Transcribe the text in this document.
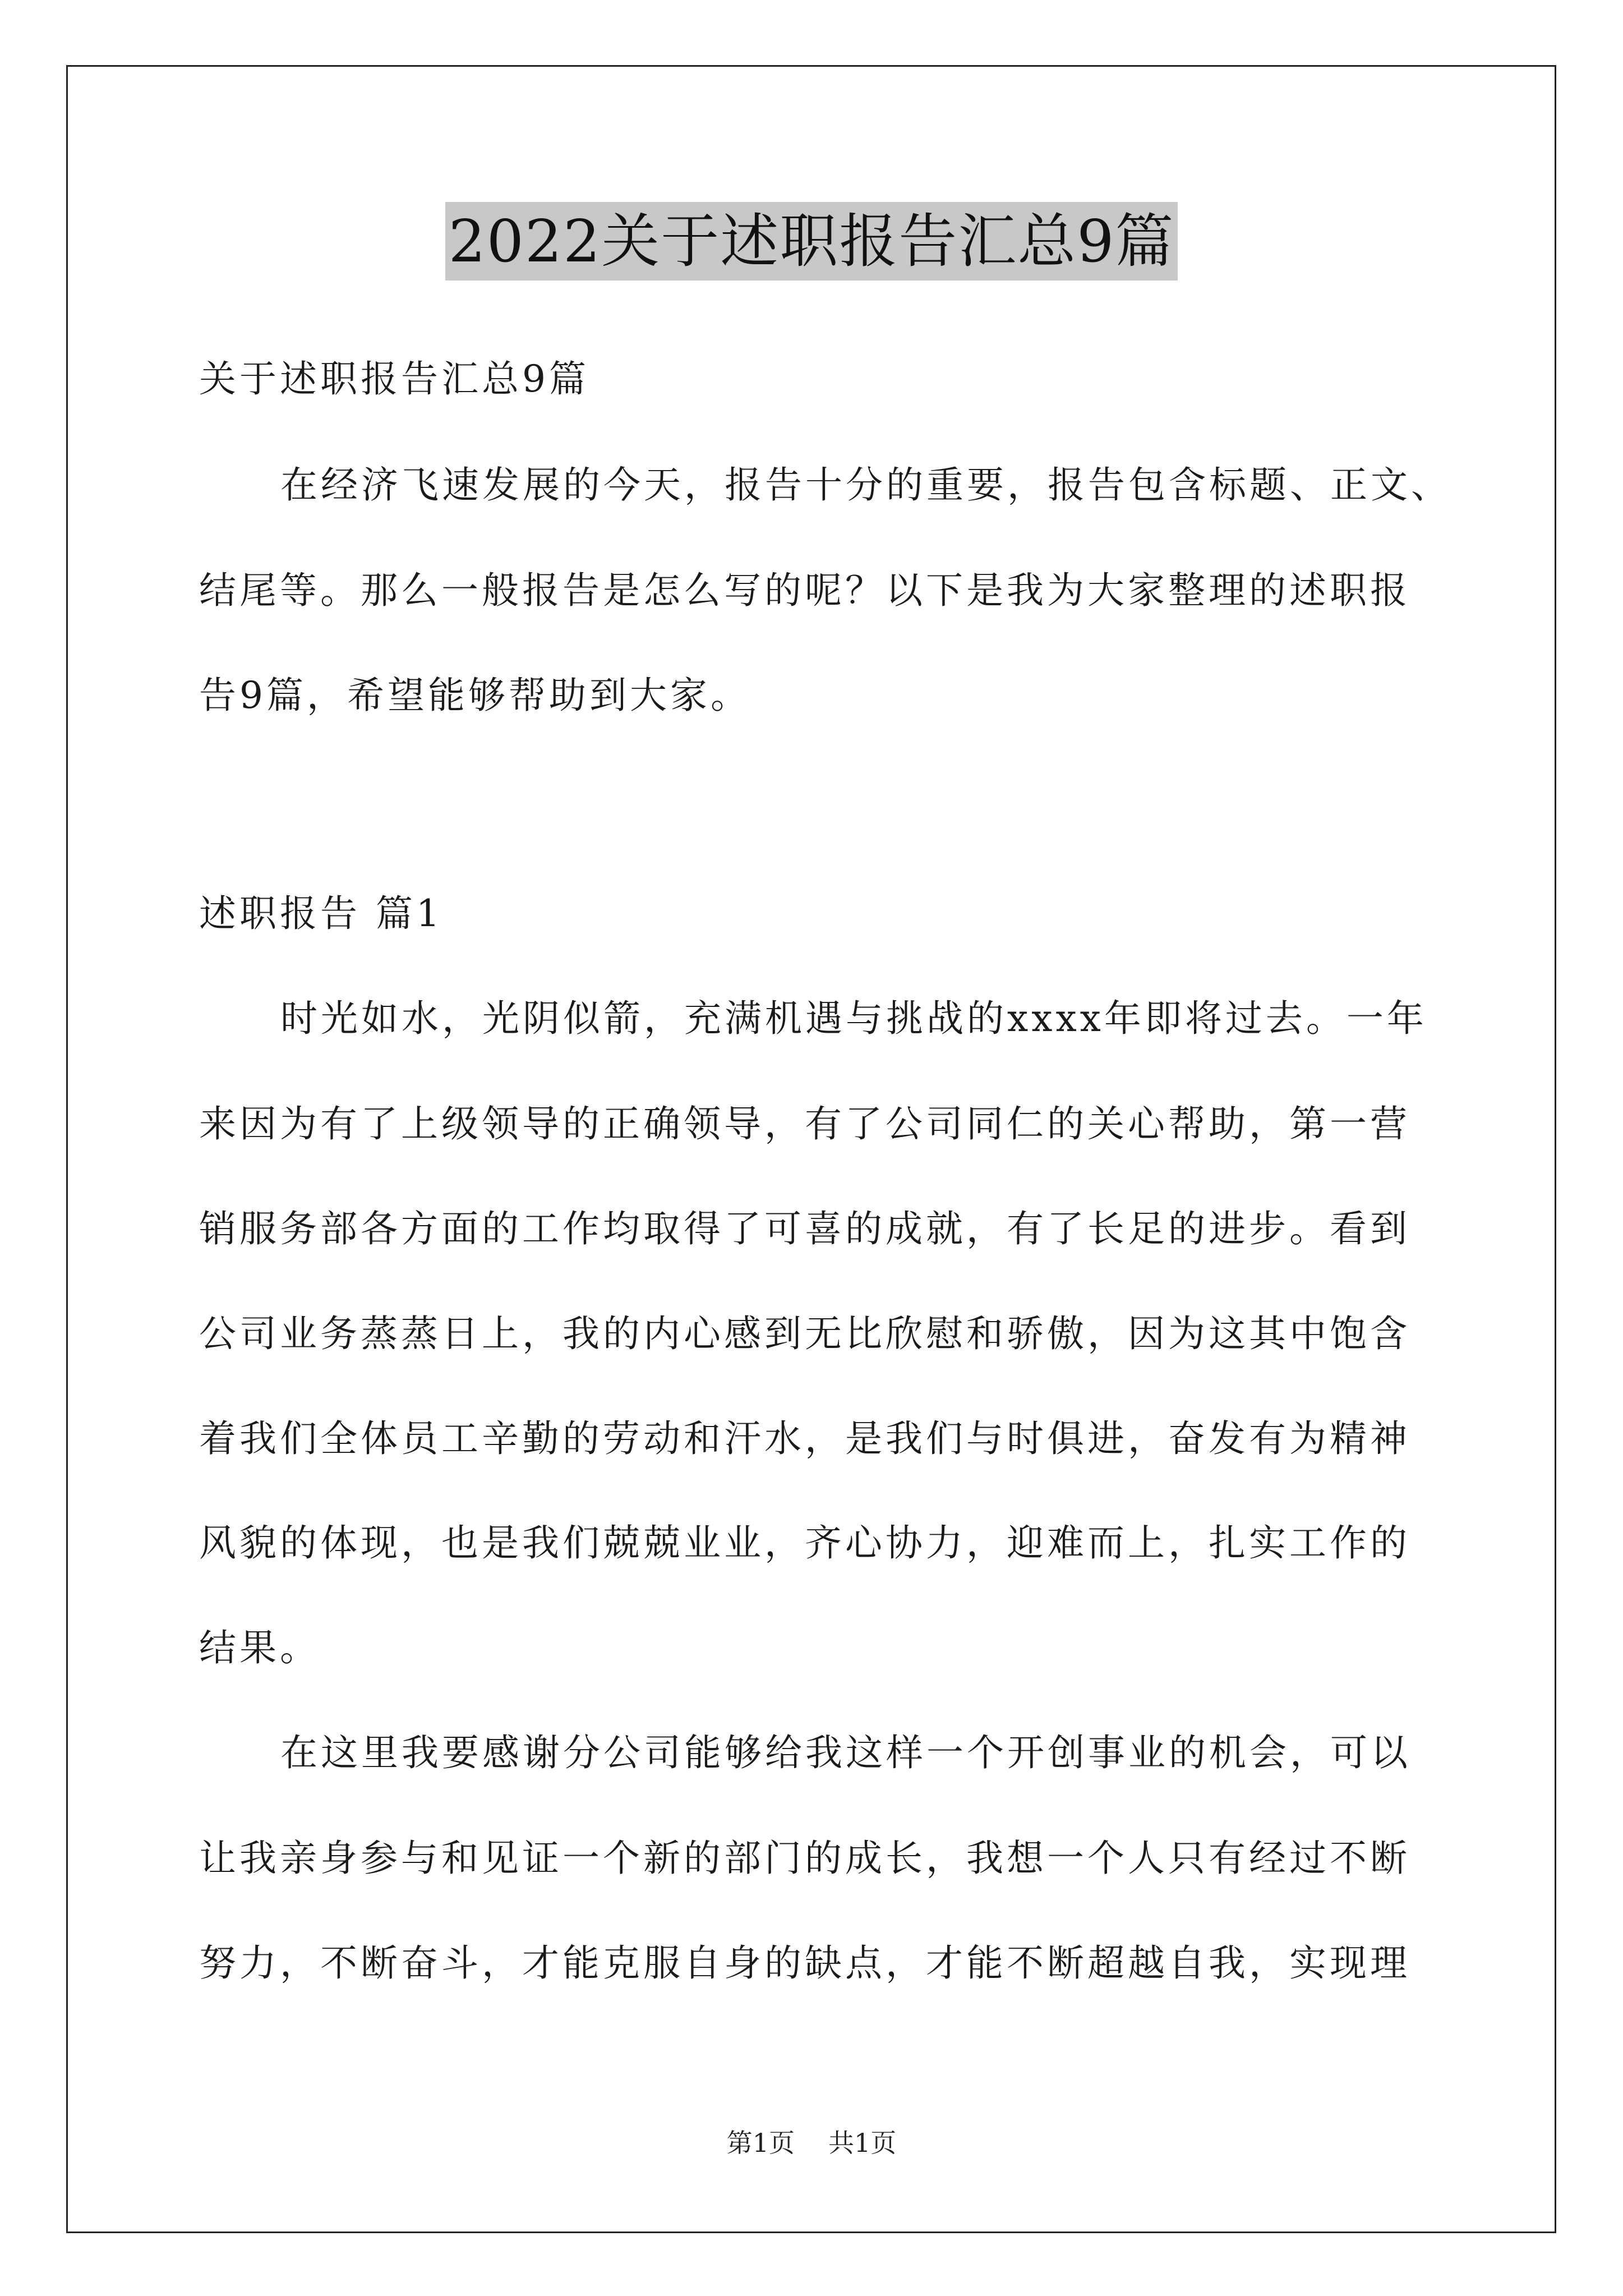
2022关于述职报告汇总9篇
关于述职报告汇总9篇
在经济飞速发展的今天，报告十分的重要，报告包含标题、正文、
结尾等。那么一般报告是怎么写的呢？以下是我为大家整理的述职报
告9篇，希望能够帮助到大家。
述职报告 篇1
时光如水，光阴似箭，充满机遇与挑战的xxxx年即将过去。一年
来因为有了上级领导的正确领导，有了公司同仁的关心帮助，第一营
销服务部各方面的工作均取得了可喜的成就，有了长足的进步。看到
公司业务蒸蒸日上，我的内心感到无比欣慰和骄傲，因为这其中饱含
着我们全体员工辛勤的劳动和汗水，是我们与时俱进，奋发有为精神
风貌的体现，也是我们兢兢业业，齐心协力，迎难而上，扎实工作的
结果。
在这里我要感谢分公司能够给我这样一个开创事业的机会，可以
让我亲身参与和见证一个新的部门的成长，我想一个人只有经过不断
努力，不断奋斗，才能克服自身的缺点，才能不断超越自我，实现理
第1页 共1页
